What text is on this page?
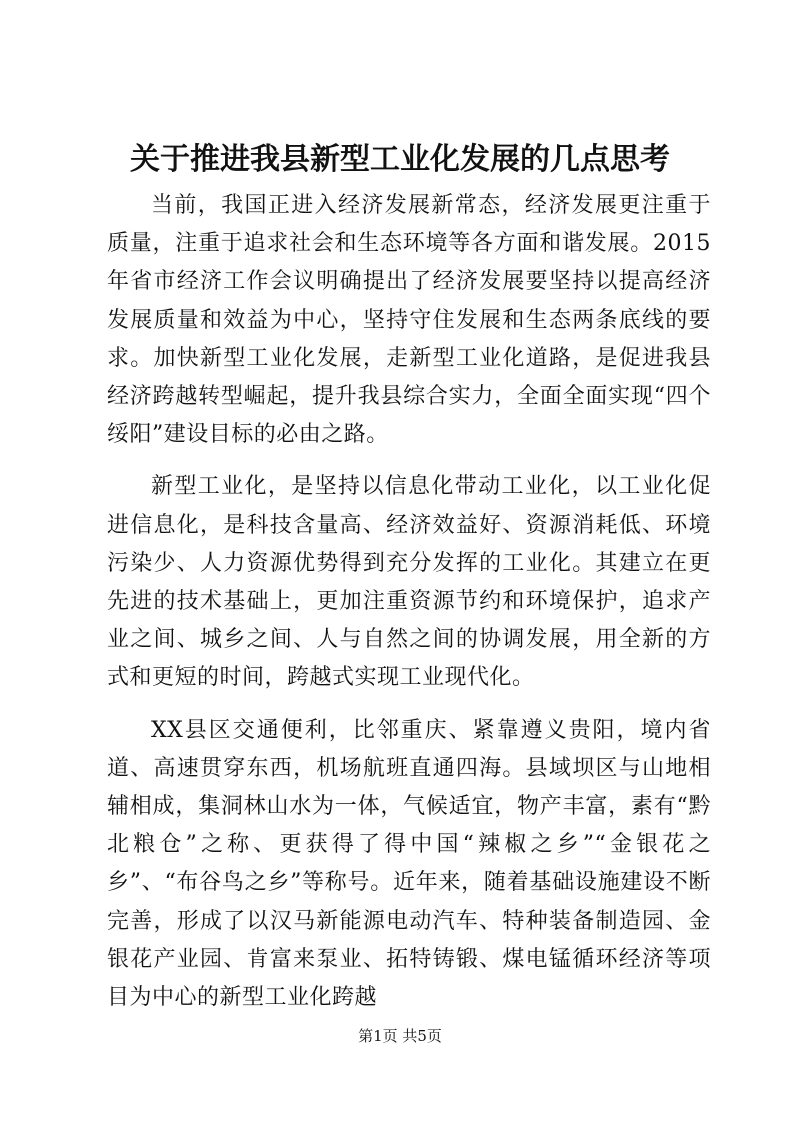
关于推进我县新型工业化发展的几点思考

当前，我国正进入经济发展新常态，经济发展更注重于质量，注重于追求社会和生态环境等各方面和谐发展。2015年省市经济工作会议明确提出了经济发展要坚持以提高经济发展质量和效益为中心，坚持守住发展和生态两条底线的要求。加快新型工业化发展，走新型工业化道路，是促进我县经济跨越转型崛起，提升我县综合实力，全面全面实现“四个绥阳”建设目标的必由之路。

新型工业化，是坚持以信息化带动工业化，以工业化促进信息化，是科技含量高、经济效益好、资源消耗低、环境污染少、人力资源优势得到充分发挥的工业化。其建立在更先进的技术基础上，更加注重资源节约和环境保护，追求产业之间、城乡之间、人与自然之间的协调发展，用全新的方式和更短的时间，跨越式实现工业现代化。

XX县区交通便利，比邻重庆、紧靠遵义贵阳，境内省道、高速贯穿东西，机场航班直通四海。县域坝区与山地相辅相成，集洞林山水为一体，气候适宜，物产丰富，素有“黔北粮仓”之称、更获得了得中国“辣椒之乡”“金银花之乡”、“布谷鸟之乡”等称号。近年来，随着基础设施建设不断完善，形成了以汉马新能源电动汽车、特种装备制造园、金银花产业园、肯富来泵业、拓特铸锻、煤电锰循环经济等项目为中心的新型工业化跨越

第1页 共5页
